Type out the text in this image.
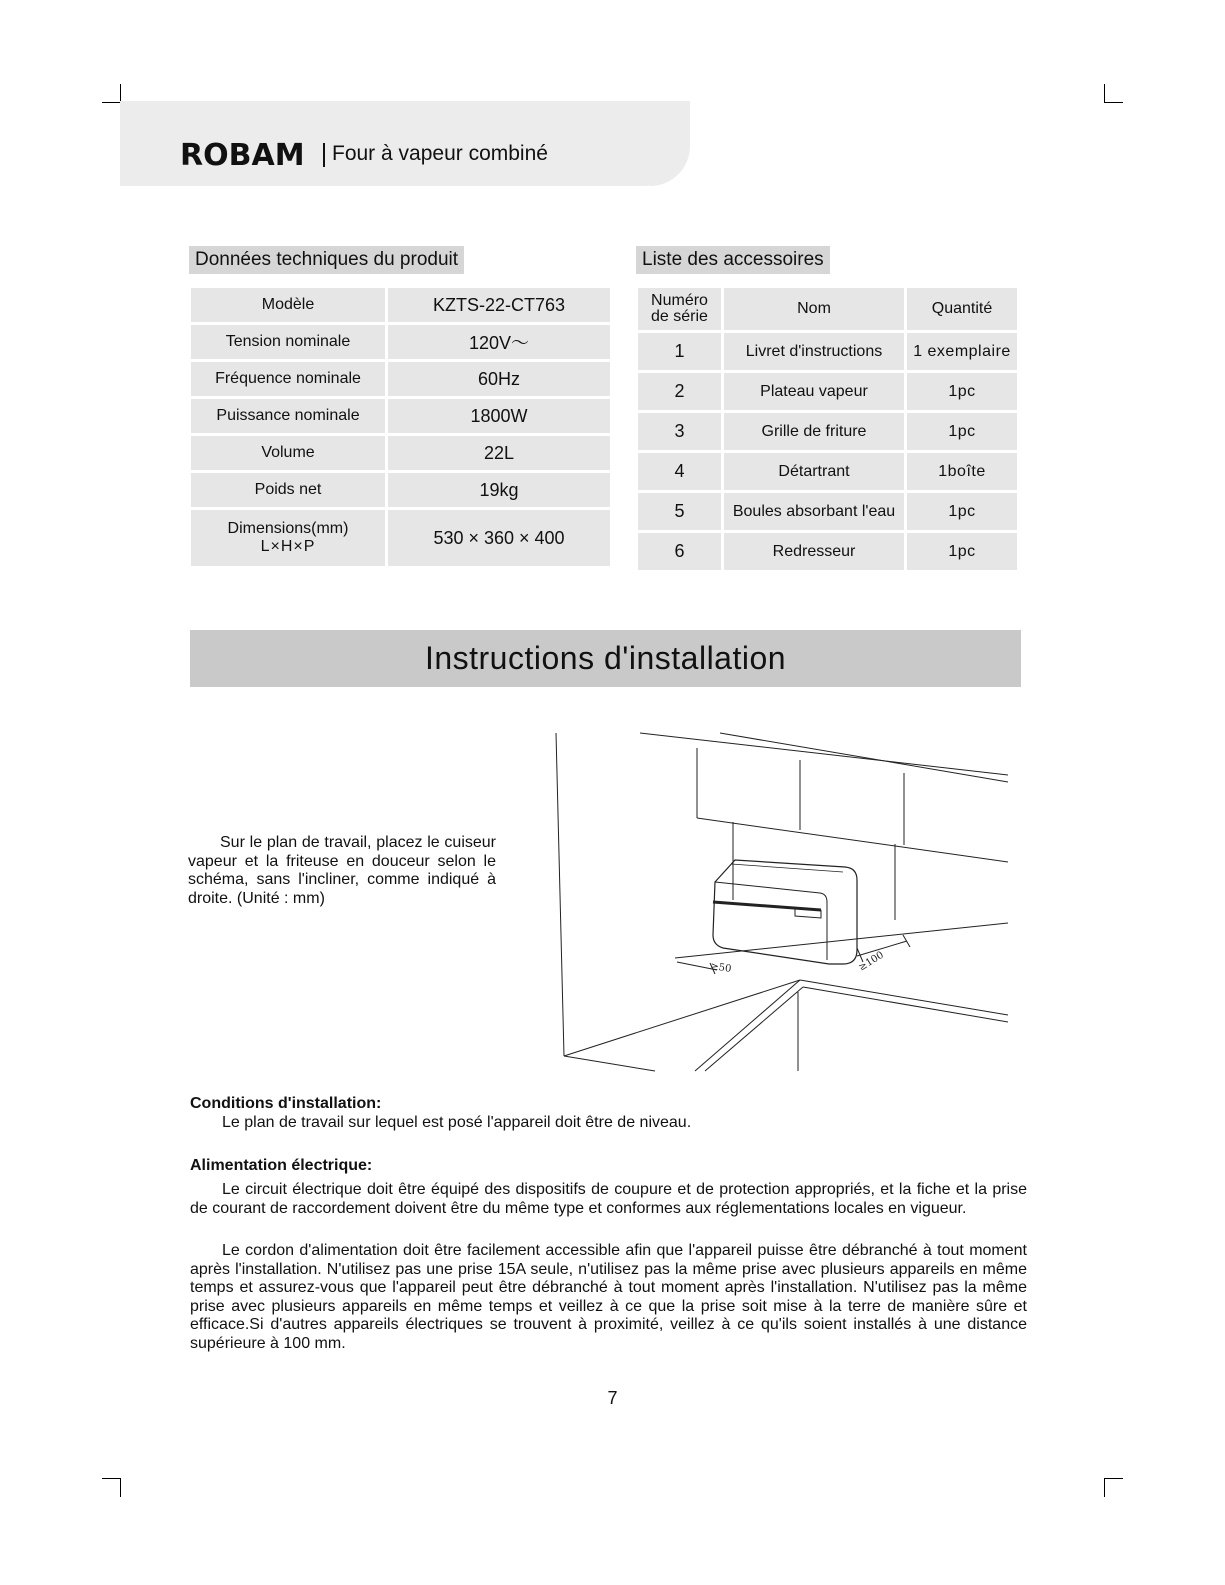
ROBAM Four à vapeur combiné
Données techniques du produit
Modèle	KZTS-22-CT763
Tension nominale	120V～
Fréquence nominale	60Hz
Puissance nominale	1800W
Volume	22L
Poids net	19kg

Dimensions(mm)
L×H×P	530 × 360 × 400
Liste des accessoires
Numéro
de série	Nom	Quantité
1	Livret d'instructions	1 exemplaire
2	Plateau vapeur	1pc
3	Grille de friture	1pc
4	Détartrant	1boîte
5	Boules absorbant l'eau	1pc
6	Redresseur	1pc
Instructions d'installation
Sur le plan de travail, placez le cuiseur vapeur et la friteuse en douceur selon le schéma, sans l'incliner, comme indiqué à droite. (Unité : mm)
≥50	≥100
Conditions d'installation:
Le plan de travail sur lequel est posé l'appareil doit être de niveau.
Alimentation électrique:
Le circuit électrique doit être équipé des dispositifs de coupure et de protection appropriés, et la fiche et la prise de courant de raccordement doivent être du même type et conformes aux réglementations locales en vigueur.
Le cordon d'alimentation doit être facilement accessible afin que l'appareil puisse être débranché à tout moment après l'installation. N'utilisez pas une prise 15A seule, n'utilisez pas la même prise avec plusieurs appareils en même temps et assurez-vous que l'appareil peut être débranché à tout moment après l'installation. N'utilisez pas la même prise avec plusieurs appareils en même temps et veillez à ce que la prise soit mise à la terre de manière sûre et efficace.Si d'autres appareils électriques se trouvent à proximité, veillez à ce qu'ils soient installés à une distance supérieure à 100 mm.
7
